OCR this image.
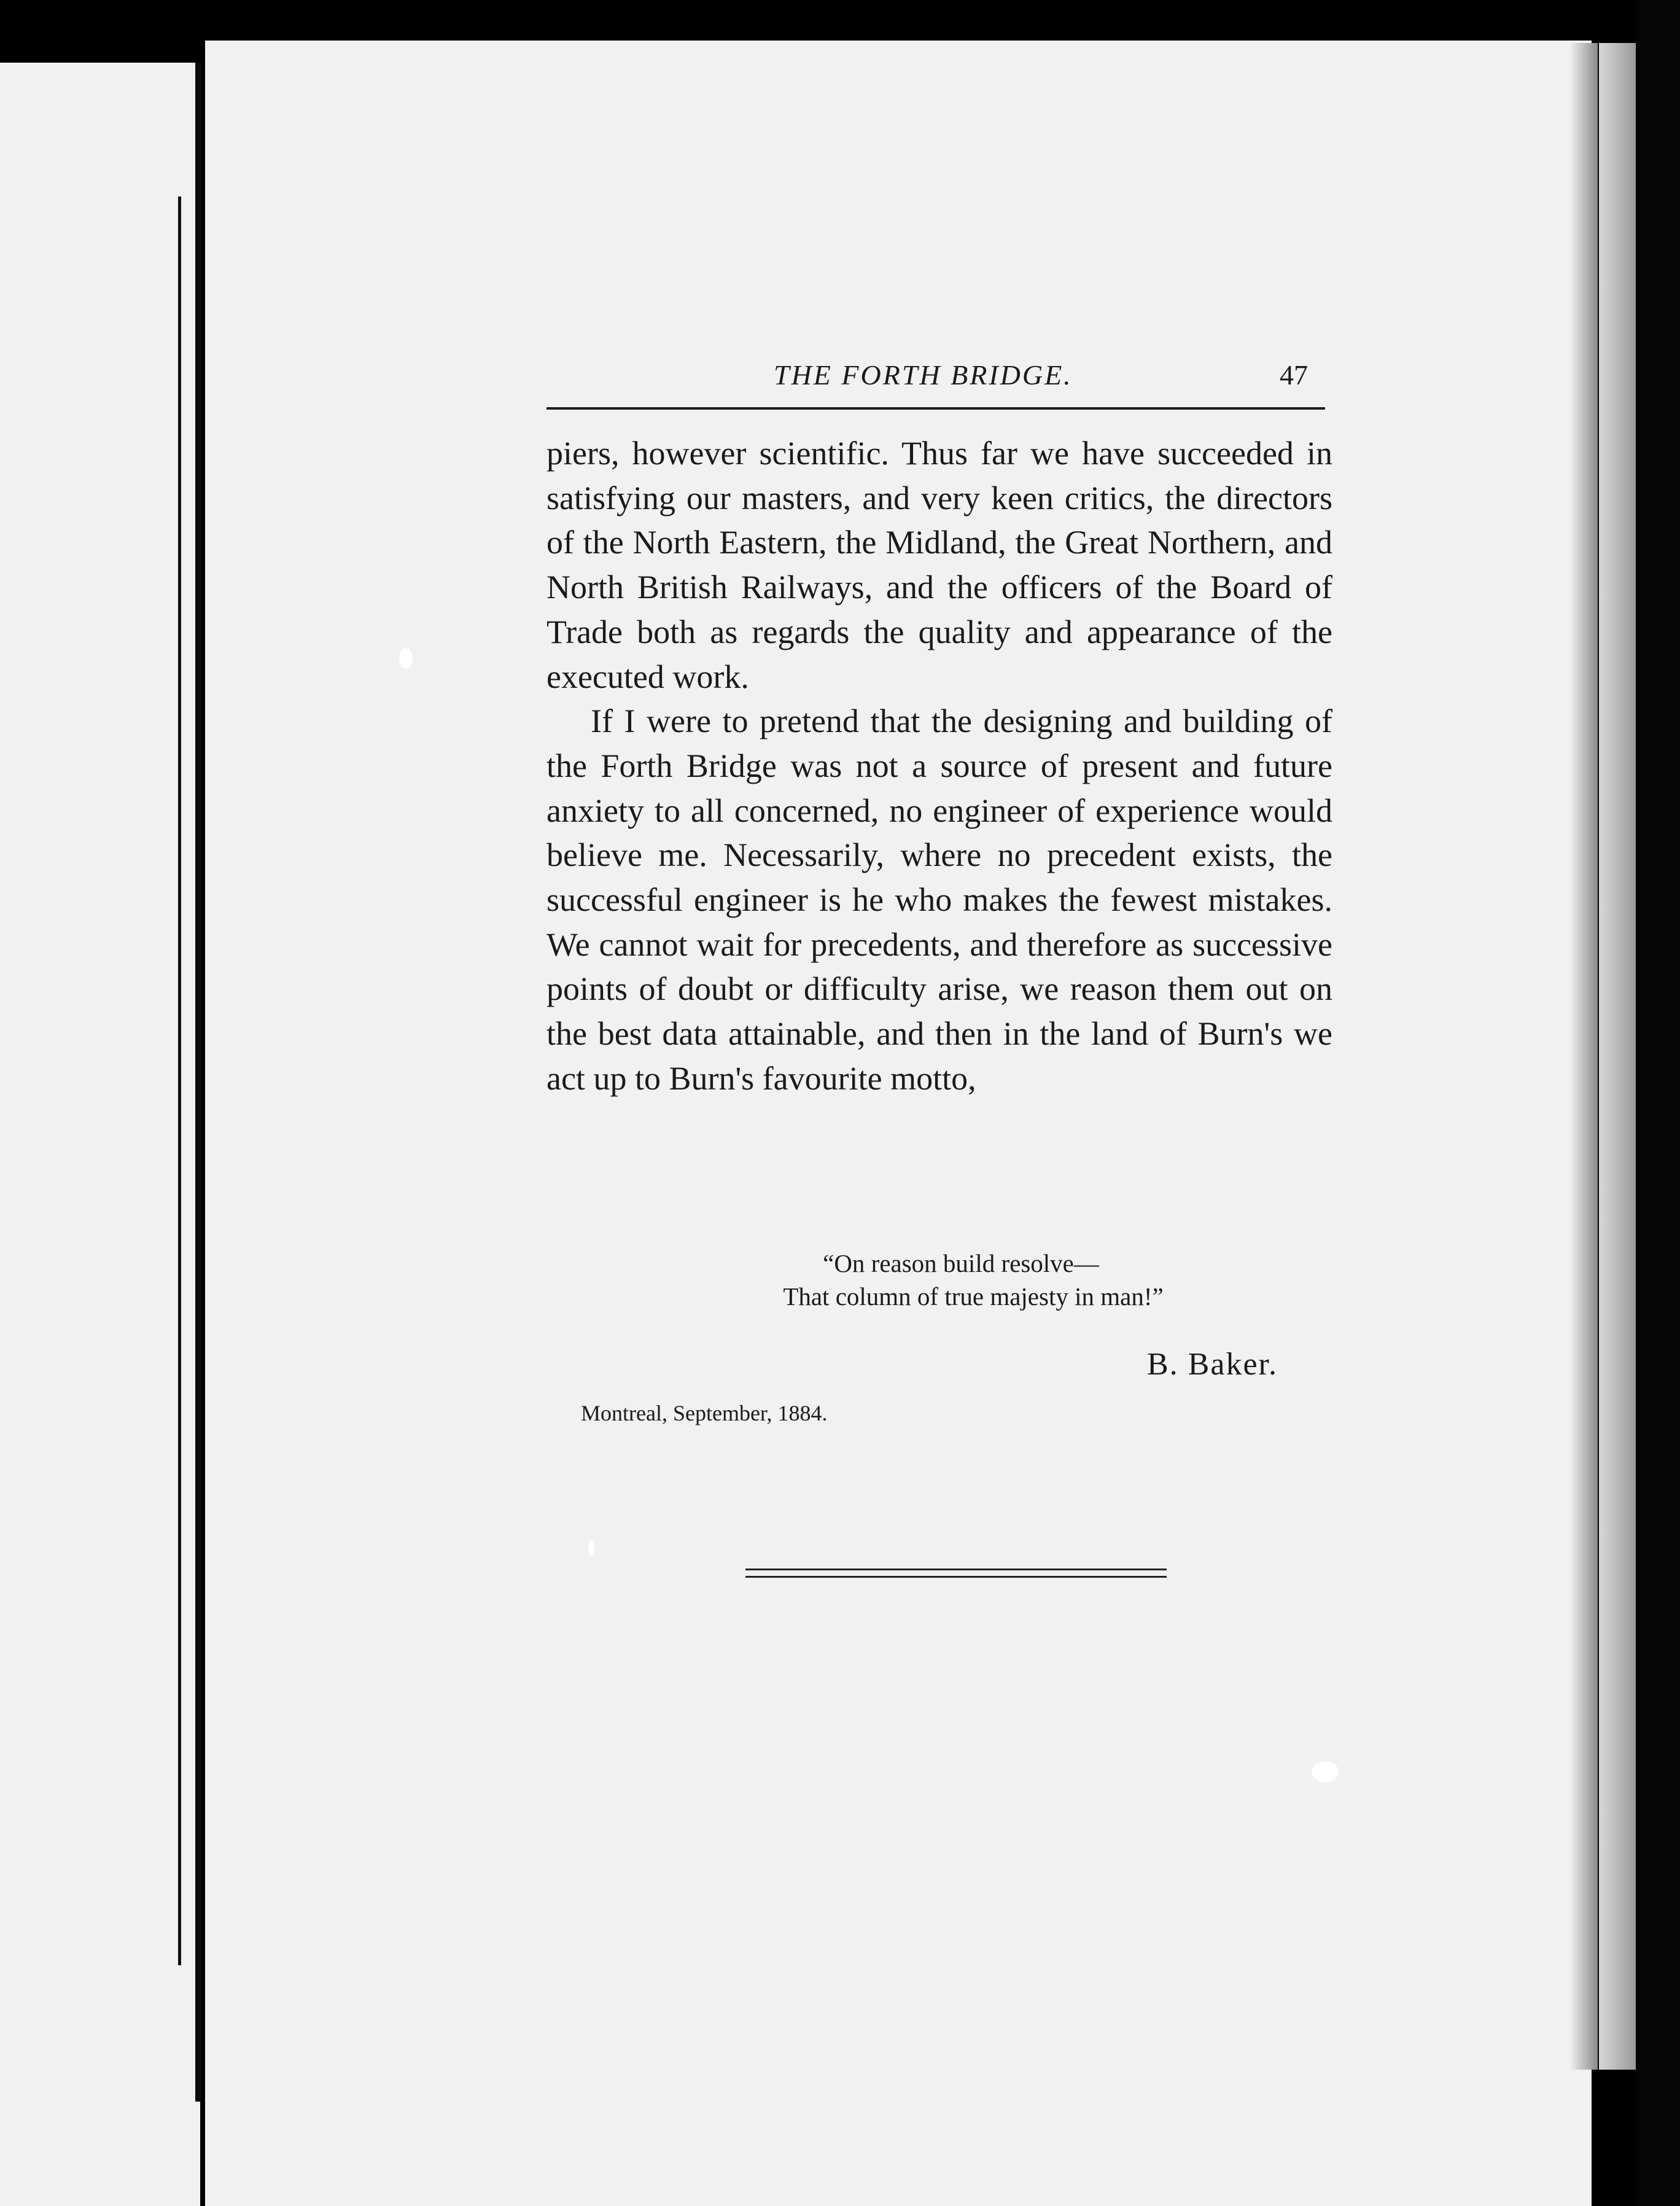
THE FORTH BRIDGE.	47

piers, however scientific. Thus far we have succeeded in satisfying our masters, and very keen critics, the directors of the North Eastern, the Midland, the Great Northern, and North British Railways, and the officers of the Board of Trade both as regards the quality and appearance of the executed work.

If I were to pretend that the designing and building of the Forth Bridge was not a source of present and future anxiety to all concerned, no engineer of experience would believe me. Necessarily, where no precedent exists, the successful engineer is he who makes the fewest mistakes. We cannot wait for precedents, and therefore as successive points of doubt or difficulty arise, we reason them out on the best data attainable, and then in the land of Burn's we act up to Burn's favourite motto,

“On reason build resolve—
That column of true majesty in man!”
B. Baker.
Montreal, September, 1884.
